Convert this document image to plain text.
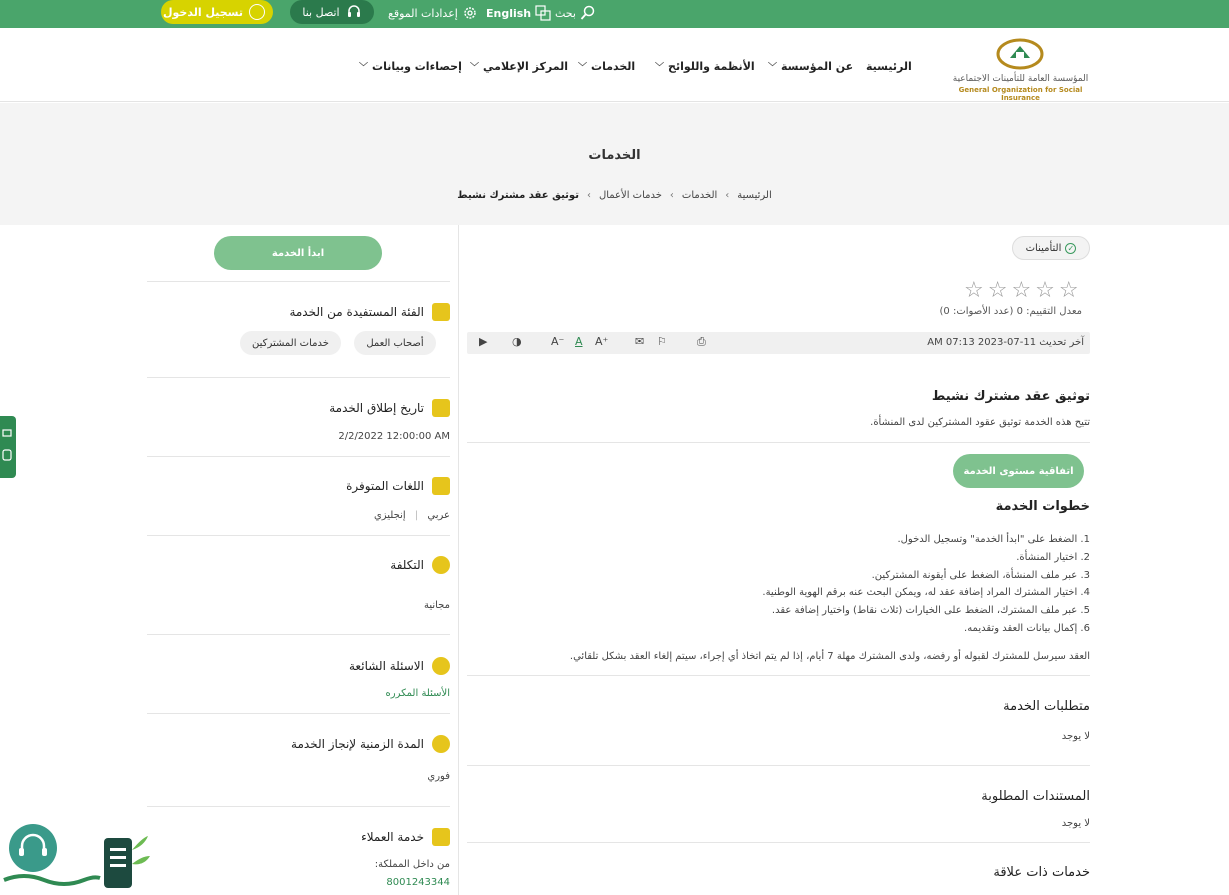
تسجيل الدخول	اتصل بنا	إعدادات الموقع	English بحث
الرئيسية
﹀ عن المؤسسة
﹀ الأنظمة واللوائح
﹀ الخدمات
﹀ المركز الإعلامي
﹀ إحصاءات وبيانات
المؤسسة العامة للتأمينات الاجتماعية
General Organization for Social Insurance
الخدمات
الرئيسية
›
الخدمات
›
خدمات الأعمال
›
توثيق عقد مشترك نشيط
✓
التأمينات
☆☆☆☆☆
معدل التقييم: 0 (عدد الأصوات: 0)
آخر تحديث 11-07-2023 07:13 AM
⎙
⚐
✉
A⁺
A
A⁻
◑
▶
توثيق عقد مشترك نشيط
تتيح هذه الخدمة توثيق عقود المشتركين لدى المنشأة.
اتفاقية مستوى الخدمة
خطوات الخدمة
1. الضغط على "ابدأ الخدمة" وتسجيل الدخول.
2. اختيار المنشأة.
3. عبر ملف المنشأة، الضغط على أيقونة المشتركين.
4. اختيار المشترك المراد إضافة عقد له، ويمكن البحث عنه برقم الهوية الوطنية.
5. عبر ملف المشترك، الضغط على الخيارات (ثلاث نقاط) واختيار إضافة عقد.
6. إكمال بيانات العقد وتقديمه.
العقد سيرسل للمشترك لقبوله أو رفضه، ولدى المشترك مهلة 7 أيام، إذا لم يتم اتخاذ أي إجراء، سيتم إلغاء العقد بشكل تلقائي.
متطلبات الخدمة
لا يوجد
المستندات المطلوبة
لا يوجد
خدمات ذات علاقة
ابدأ الخدمة
الفئة المستفيدة من الخدمة
أصحاب العمل
خدمات المشتركين
تاريخ إطلاق الخدمة
2/2/2022 12:00:00 AM
اللغات المتوفرة
عربي | إنجليزي
التكلفة
مجانية
الاسئلة الشائعة
الأسئلة المكرره
المدة الزمنية لإنجاز الخدمة
فوري
خدمة العملاء
من داخل المملكة:
8001243344
